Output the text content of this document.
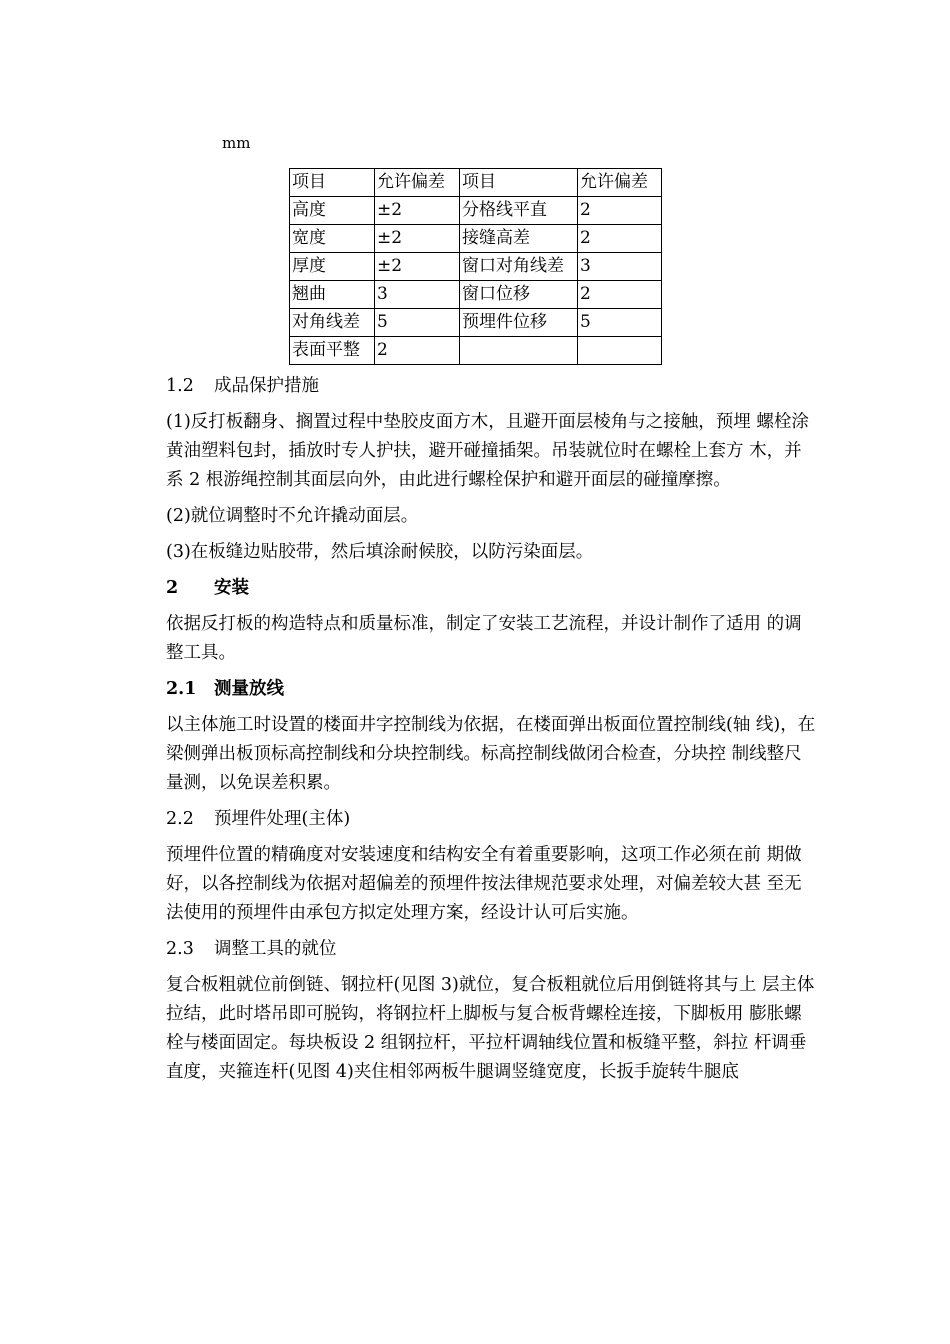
mm
项目	允许偏差	项目	允许偏差
高度	±2	分格线平直	2
宽度	±2	接缝高差	2
厚度	±2	窗口对角线差	3
翘曲	3	窗口位移	2
对角线差	5	预埋件位移	5
表面平整	2		

1.2 成品保护措施

(1)反打板翻身、搁置过程中垫胶皮面方木，且避开面层棱角与之接触，预埋 螺栓涂黄油塑料包封，插放时专人护扶，避开碰撞插架。吊装就位时在螺栓上套方 木，并系 2 根游绳控制其面层向外，由此进行螺栓保护和避开面层的碰撞摩擦。

(2)就位调整时不允许撬动面层。

(3)在板缝边贴胶带，然后填涂耐候胶，以防污染面层。

2 安装

依据反打板的构造特点和质量标准，制定了安装工艺流程，并设计制作了适用 的调整工具。

2.1 测量放线

以主体施工时设置的楼面井字控制线为依据，在楼面弹出板面位置控制线(轴 线)，在梁侧弹出板顶标高控制线和分块控制线。标高控制线做闭合检查，分块控 制线整尺量测，以免误差积累。

2.2 预埋件处理(主体)

预埋件位置的精确度对安装速度和结构安全有着重要影响，这项工作必须在前 期做好，以各控制线为依据对超偏差的预埋件按法律规范要求处理，对偏差较大甚 至无法使用的预埋件由承包方拟定处理方案，经设计认可后实施。

2.3 调整工具的就位

复合板粗就位前倒链、钢拉杆(见图 3)就位，复合板粗就位后用倒链将其与上 层主体拉结，此时塔吊即可脱钩，将钢拉杆上脚板与复合板背螺栓连接，下脚板用 膨胀螺栓与楼面固定。每块板设 2 组钢拉杆，平拉杆调轴线位置和板缝平整，斜拉 杆调垂直度，夹箍连杆(见图 4)夹住相邻两板牛腿调竖缝宽度，长扳手旋转牛腿底
